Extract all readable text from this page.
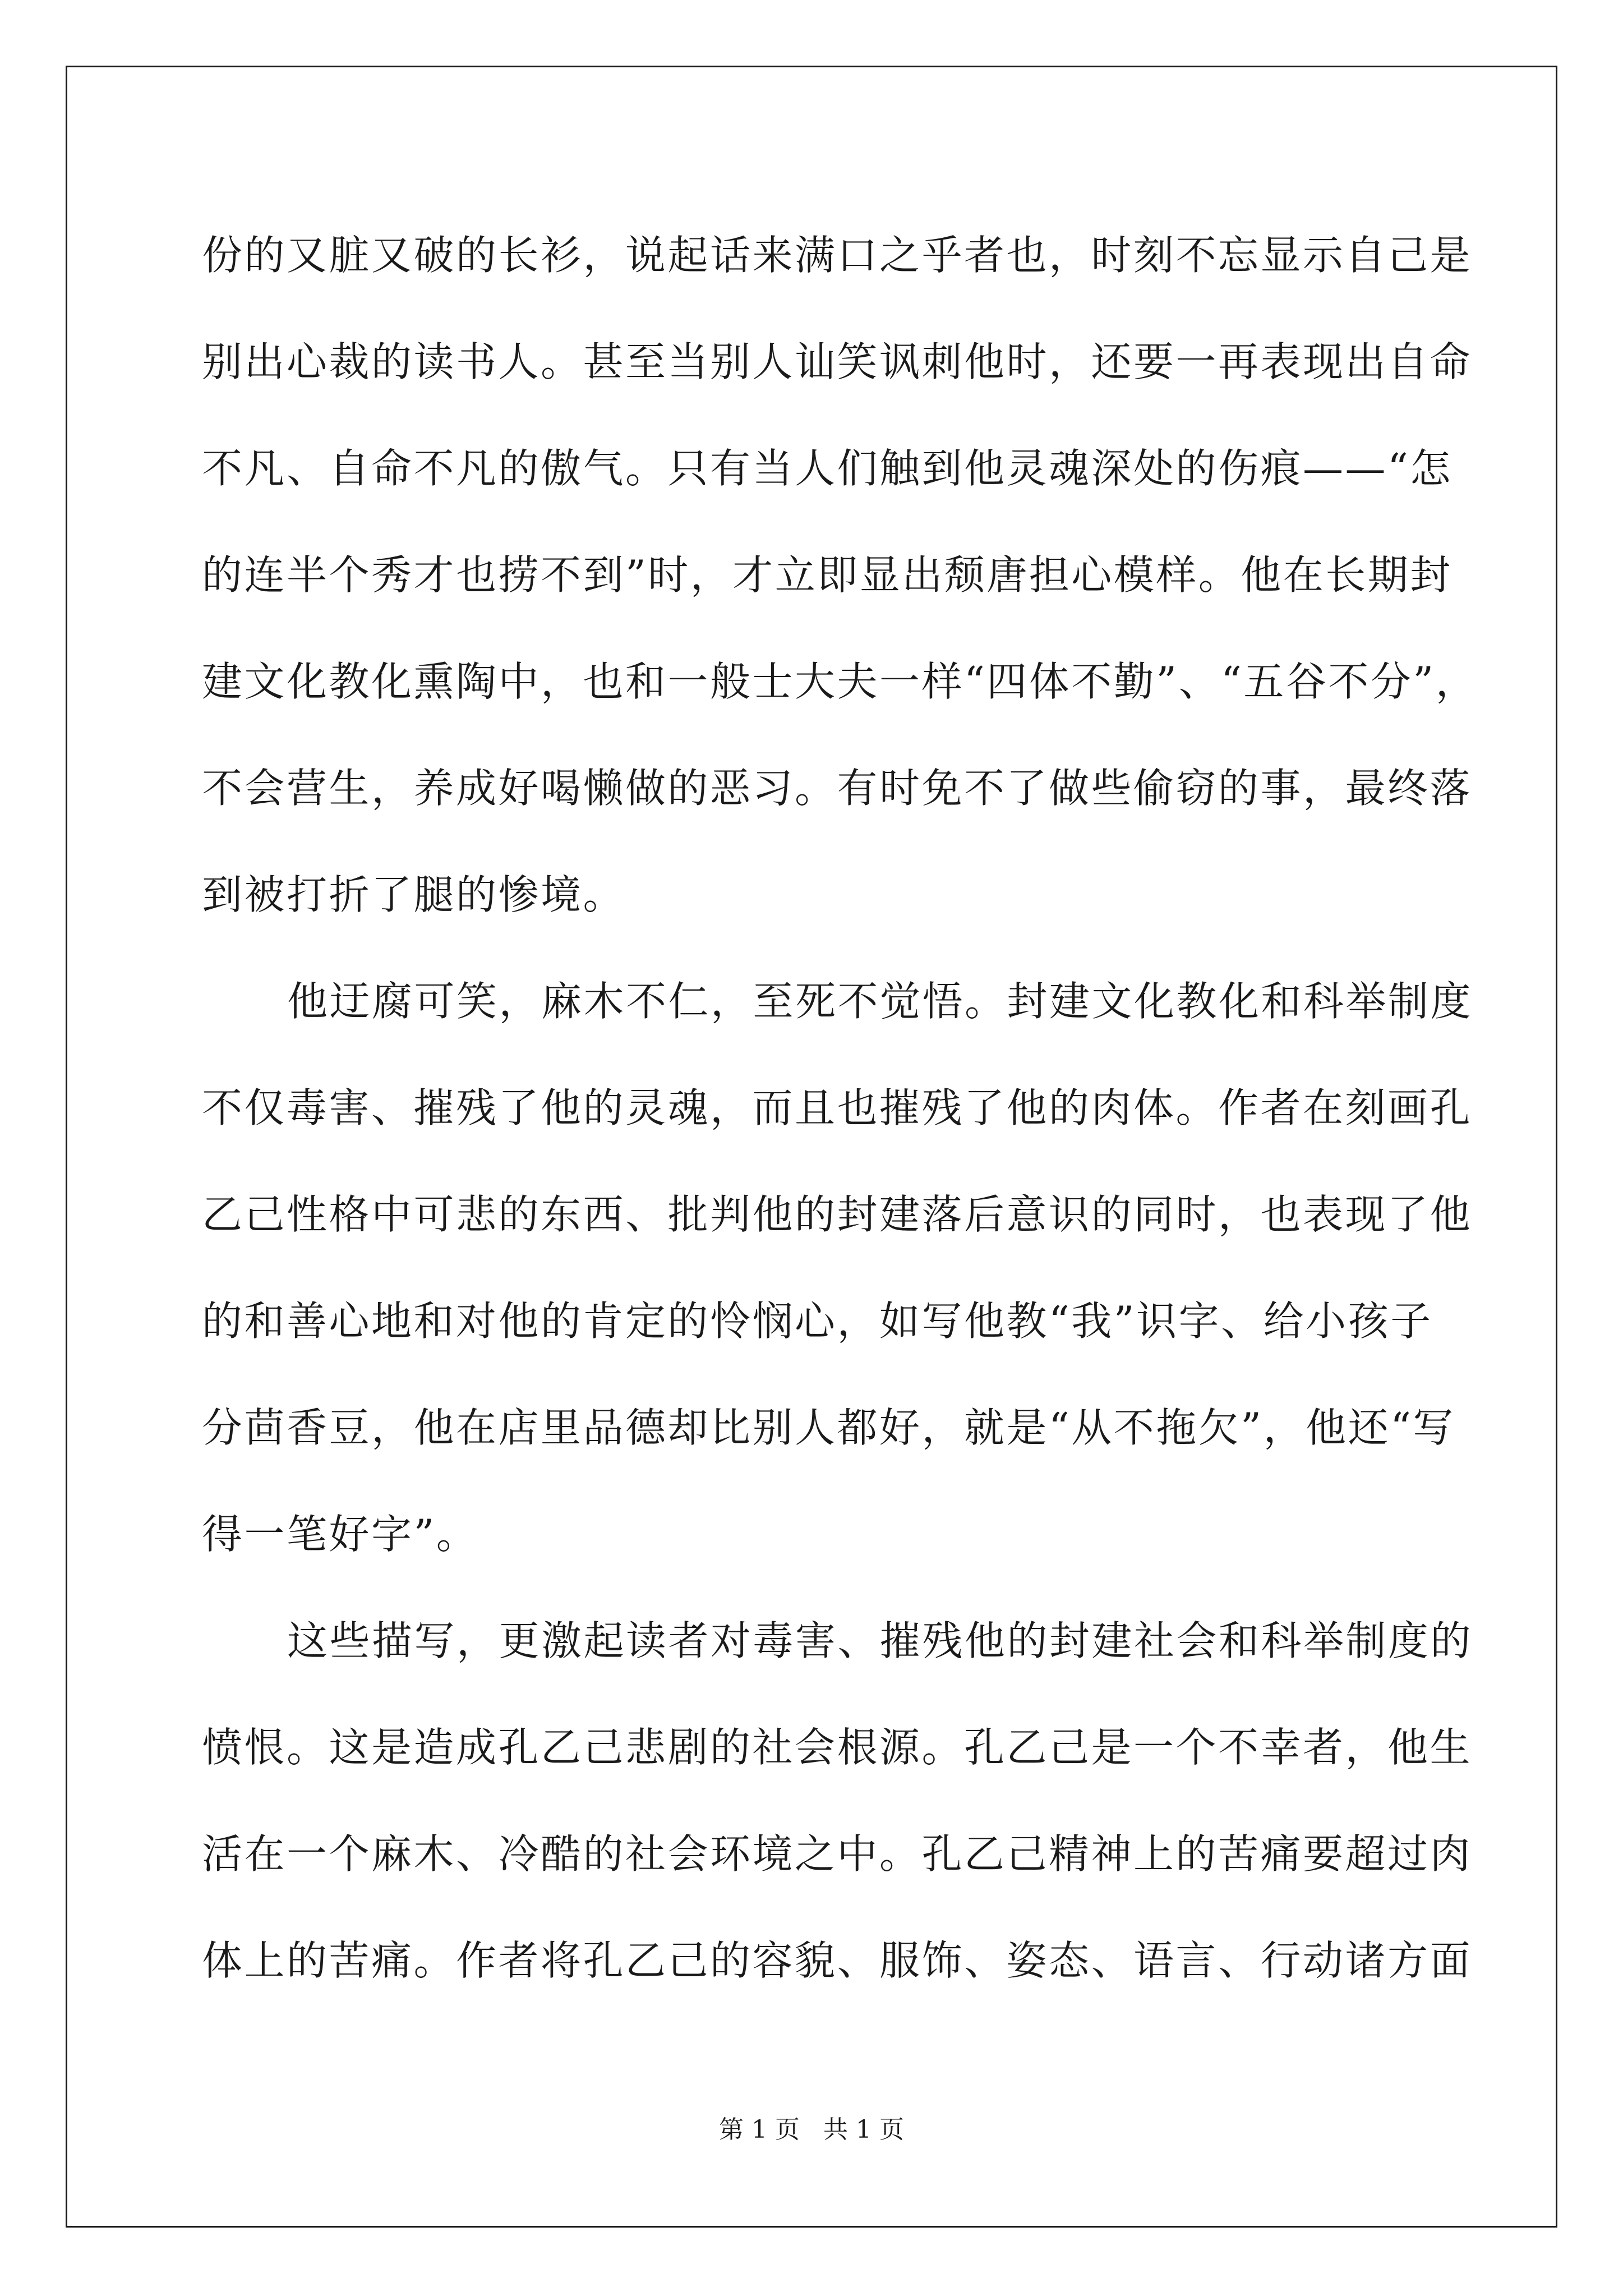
份的又脏又破的长衫，说起话来满口之乎者也，时刻不忘显示自己是
别出心裁的读书人。甚至当别人讪笑讽刺他时，还要一再表现出自命
不凡、自命不凡的傲气。只有当人们触到他灵魂深处的伤痕——“怎
的连半个秀才也捞不到”时，才立即显出颓唐担心模样。他在长期封
建文化教化熏陶中，也和一般士大夫一样“四体不勤”、“五谷不分”，
不会营生，养成好喝懒做的恶习。有时免不了做些偷窃的事，最终落
到被打折了腿的惨境。
他迂腐可笑，麻木不仁，至死不觉悟。封建文化教化和科举制度
不仅毒害、摧残了他的灵魂，而且也摧残了他的肉体。作者在刻画孔
乙己性格中可悲的东西、批判他的封建落后意识的同时，也表现了他
的和善心地和对他的肯定的怜悯心，如写他教“我”识字、给小孩子
分茴香豆，他在店里品德却比别人都好，就是“从不拖欠”，他还“写
得一笔好字”。
这些描写，更激起读者对毒害、摧残他的封建社会和科举制度的
愤恨。这是造成孔乙己悲剧的社会根源。孔乙己是一个不幸者，他生
活在一个麻木、冷酷的社会环境之中。孔乙己精神上的苦痛要超过肉
体上的苦痛。作者将孔乙己的容貌、服饰、姿态、语言、行动诸方面
第 1 页 共 1 页
